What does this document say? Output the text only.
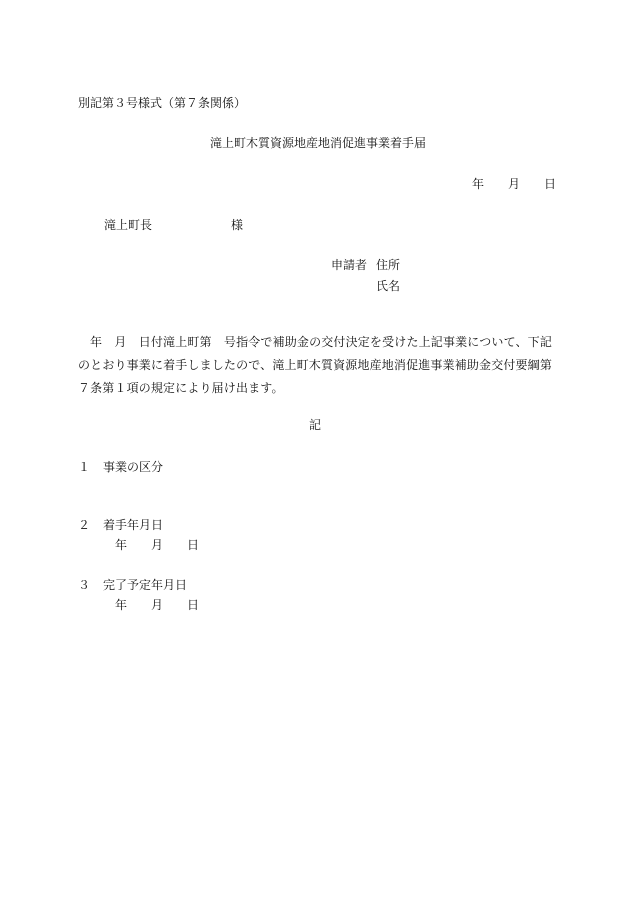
別記第３号様式（第７条関係）
滝上町木質資源地産地消促進事業着手届
年　　月　　日
滝上町長	様
申請者 住所
氏名
年　月　日付滝上町第　号指令で補助金の交付決定を受けた上記事業について、下記のとおり事業に着手しましたので、滝上町木質資源地産地消促進事業補助金交付要綱第７条第１項の規定により届け出ます。
記
１ 事業の区分
２ 着手年月日
年　　月　　日
３ 完了予定年月日
年　　月　　日
